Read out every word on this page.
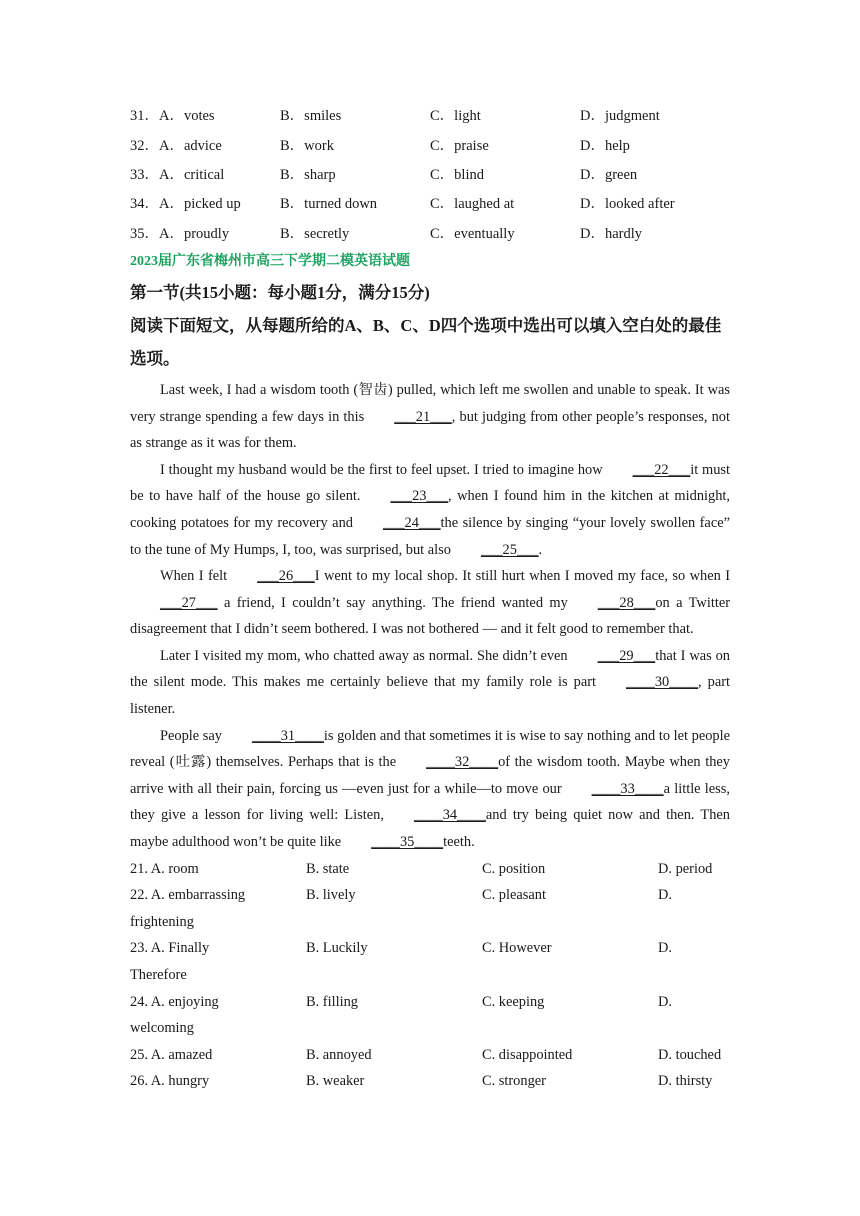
31．A．votes	B．smiles	C．light	D．judgment
32．A．advice	B．work	C．praise	D．help
33．A．critical	B．sharp	C．blind	D．green
34．A．picked up	B．turned down	C．laughed at	D．looked after
35．A．proudly	B．secretly	C．eventually	D．hardly
2023届广东省梅州市高三下学期二模英语试题
第一节(共15小题：每小题1分，满分15分)
阅读下面短文，从每题所给的A、B、C、D四个选项中选出可以填入空白处的最佳选项。

Last week, I had a wisdom tooth (智齿) pulled, which left me swollen and unable to speak. It was very strange spending a few days in this ___21___, but judging from other people’s responses, not as strange as it was for them.

I thought my husband would be the first to feel upset. I tried to imagine how ___22___it must be to have half of the house go silent. ___23___, when I found him in the kitchen at midnight, cooking potatoes for my recovery and ___24___the silence by singing “your lovely swollen face” to the tune of My Humps, I, too, was surprised, but also ___25___.

When I felt ___26___I went to my local shop. It still hurt when I moved my face, so when I___27___ a friend, I couldn’t say anything. The friend wanted my ___28___on a Twitter disagreement that I didn’t seem bothered. I was not bothered — and it felt good to remember that.

Later I visited my mom, who chatted away as normal. She didn’t even ___29___that I was on the silent mode. This makes me certainly believe that my family role is part ____30____, part listener.

People say ____31____is golden and that sometimes it is wise to say nothing and to let people reveal (吐露) themselves. Perhaps that is the ____32____of the wisdom tooth. Maybe when they arrive with all their pain, forcing us —even just for a while—to move our ____33____a little less, they give a lesson for living well: Listen, ____34____and try being quiet now and then. Then maybe adulthood won’t be quite like ____35____teeth.

21. A. room	B. state	C. position	D. period
22. A. embarrassing	B. lively	C. pleasant	D.
frightening
23. A. Finally	B. Luckily	C. However	D.
Therefore
24. A. enjoying	B. filling	C. keeping	D.
welcoming
25. A. amazed	B. annoyed	C. disappointed	D. touched
26. A. hungry	B. weaker	C. stronger	D. thirsty
